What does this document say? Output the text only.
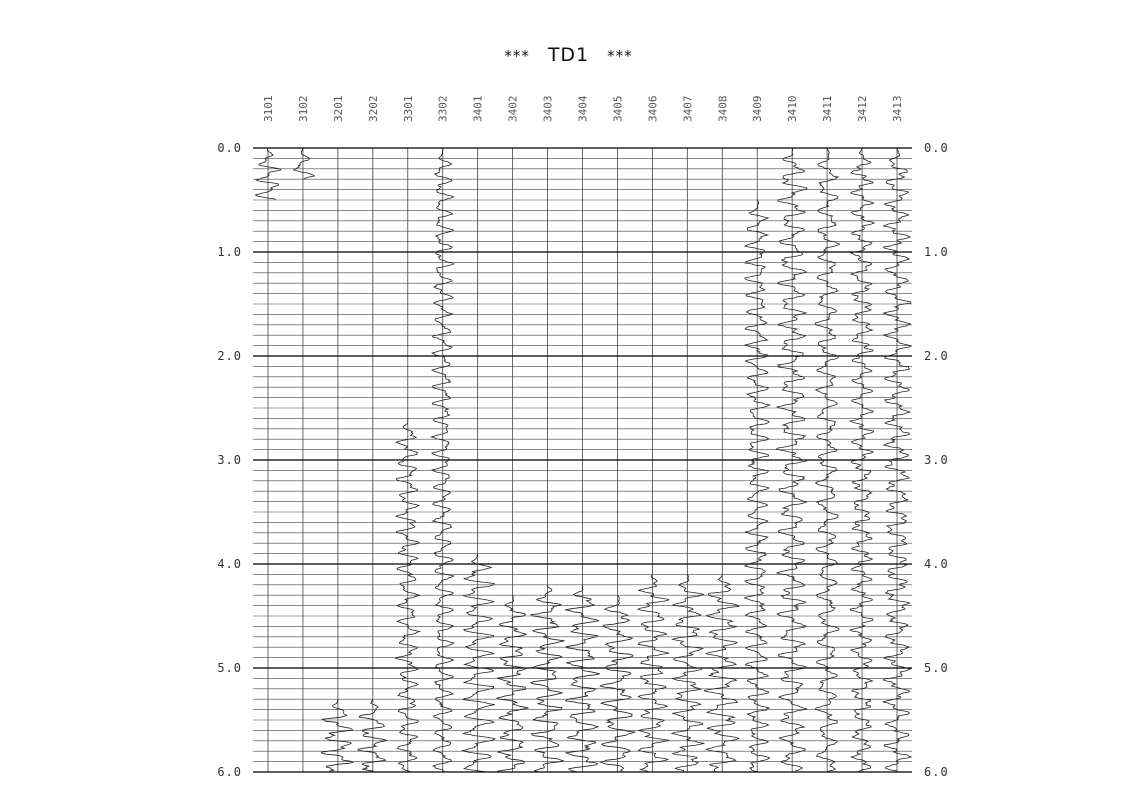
*** TD1 ***
0.0	0.0
1.0	1.0
2.0	2.0
3.0	3.0
4.0	4.0
5.0	5.0
6.0	6.0
3101 3102 3201 3202 3301 3302 3401 3402 3403 3404 3405 3406 3407 3408 3409 3410 3411 3412 3413
